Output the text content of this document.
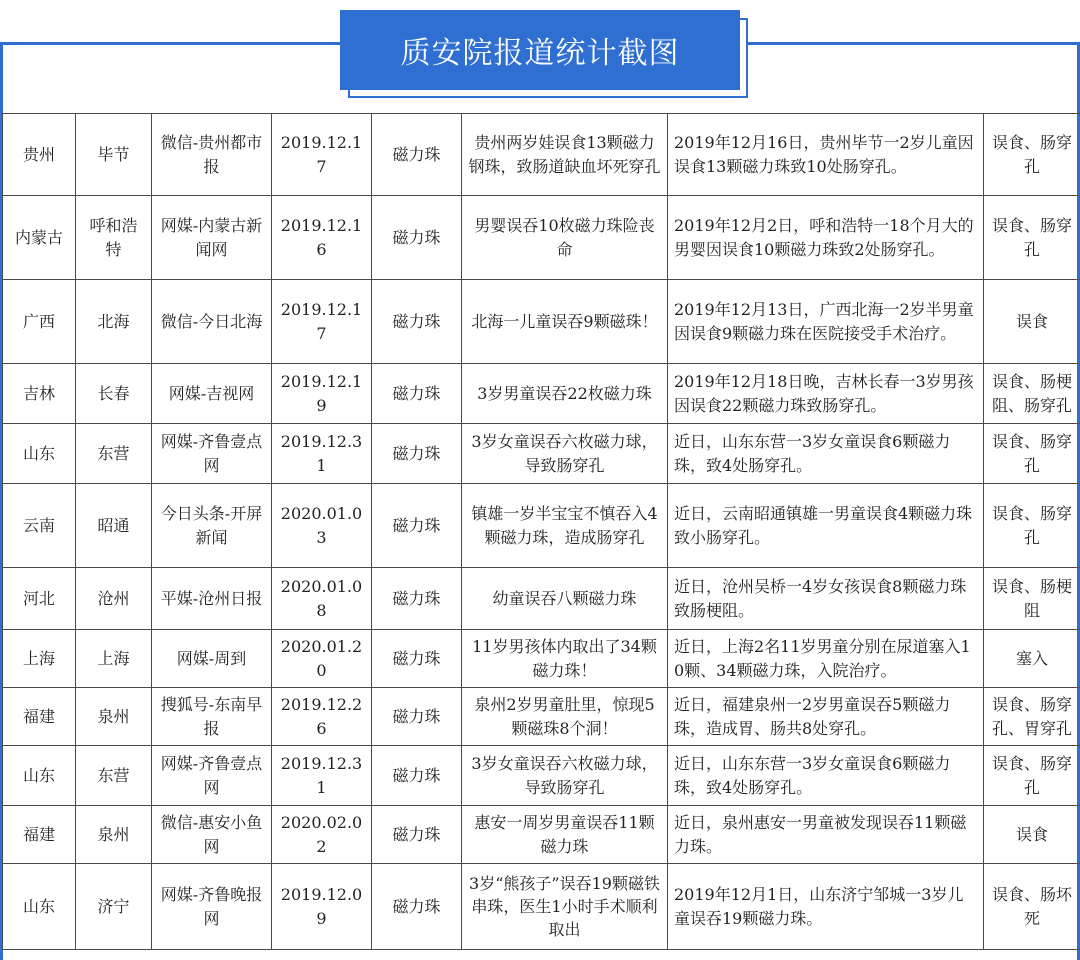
质安院报道统计截图
贵州	毕节	微信-贵州都市报	2019.12.17	磁力珠	贵州两岁娃误食13颗磁力钢珠，致肠道缺血坏死穿孔	2019年12月16日，贵州毕节一2岁儿童因误食13颗磁力珠致10处肠穿孔。	误食、肠穿孔
内蒙古	呼和浩特	网媒-内蒙古新闻网	2019.12.16	磁力珠	男婴误吞10枚磁力珠险丧命	2019年12月2日，呼和浩特一18个月大的男婴因误食10颗磁力珠致2处肠穿孔。	误食、肠穿孔
广西	北海	微信-今日北海	2019.12.17	磁力珠	北海一儿童误吞9颗磁珠！	2019年12月13日，广西北海一2岁半男童因误食9颗磁力珠在医院接受手术治疗。	误食
吉林	长春	网媒-吉视网	2019.12.19	磁力珠	3岁男童误吞22枚磁力珠	2019年12月18日晚，吉林长春一3岁男孩因误食22颗磁力珠致肠穿孔。	误食、肠梗阻、肠穿孔
山东	东营	网媒-齐鲁壹点网	2019.12.31	磁力珠	3岁女童误吞六枚磁力球，导致肠穿孔	近日，山东东营一3岁女童误食6颗磁力珠，致4处肠穿孔。	误食、肠穿孔
云南	昭通	今日头条-开屏新闻	2020.01.03	磁力珠	镇雄一岁半宝宝不慎吞入4颗磁力珠，造成肠穿孔	近日，云南昭通镇雄一男童误食4颗磁力珠致小肠穿孔。	误食、肠穿孔
河北	沧州	平媒-沧州日报	2020.01.08	磁力珠	幼童误吞八颗磁力珠	近日，沧州吴桥一4岁女孩误食8颗磁力珠致肠梗阻。	误食、肠梗阻
上海	上海	网媒-周到	2020.01.20	磁力珠	11岁男孩体内取出了34颗磁力珠！	近日，上海2名11岁男童分别在尿道塞入10颗、34颗磁力珠，入院治疗。	塞入
福建	泉州	搜狐号-东南早报	2019.12.26	磁力珠	泉州2岁男童肚里，惊现5颗磁珠8个洞！	近日，福建泉州一2岁男童误吞5颗磁力珠，造成胃、肠共8处穿孔。	误食、肠穿孔、胃穿孔
山东	东营	网媒-齐鲁壹点网	2019.12.31	磁力珠	3岁女童误吞六枚磁力球，导致肠穿孔	近日，山东东营一3岁女童误食6颗磁力珠，致4处肠穿孔。	误食、肠穿孔
福建	泉州	微信-惠安小鱼网	2020.02.02	磁力珠	惠安一周岁男童误吞11颗磁力珠	近日，泉州惠安一男童被发现误吞11颗磁力珠。	误食
山东	济宁	网媒-齐鲁晚报网	2019.12.09	磁力珠	3岁“熊孩子”误吞19颗磁铁串珠，医生1小时手术顺利取出	2019年12月1日，山东济宁邹城一3岁儿童误吞19颗磁力珠。	误食、肠坏死
